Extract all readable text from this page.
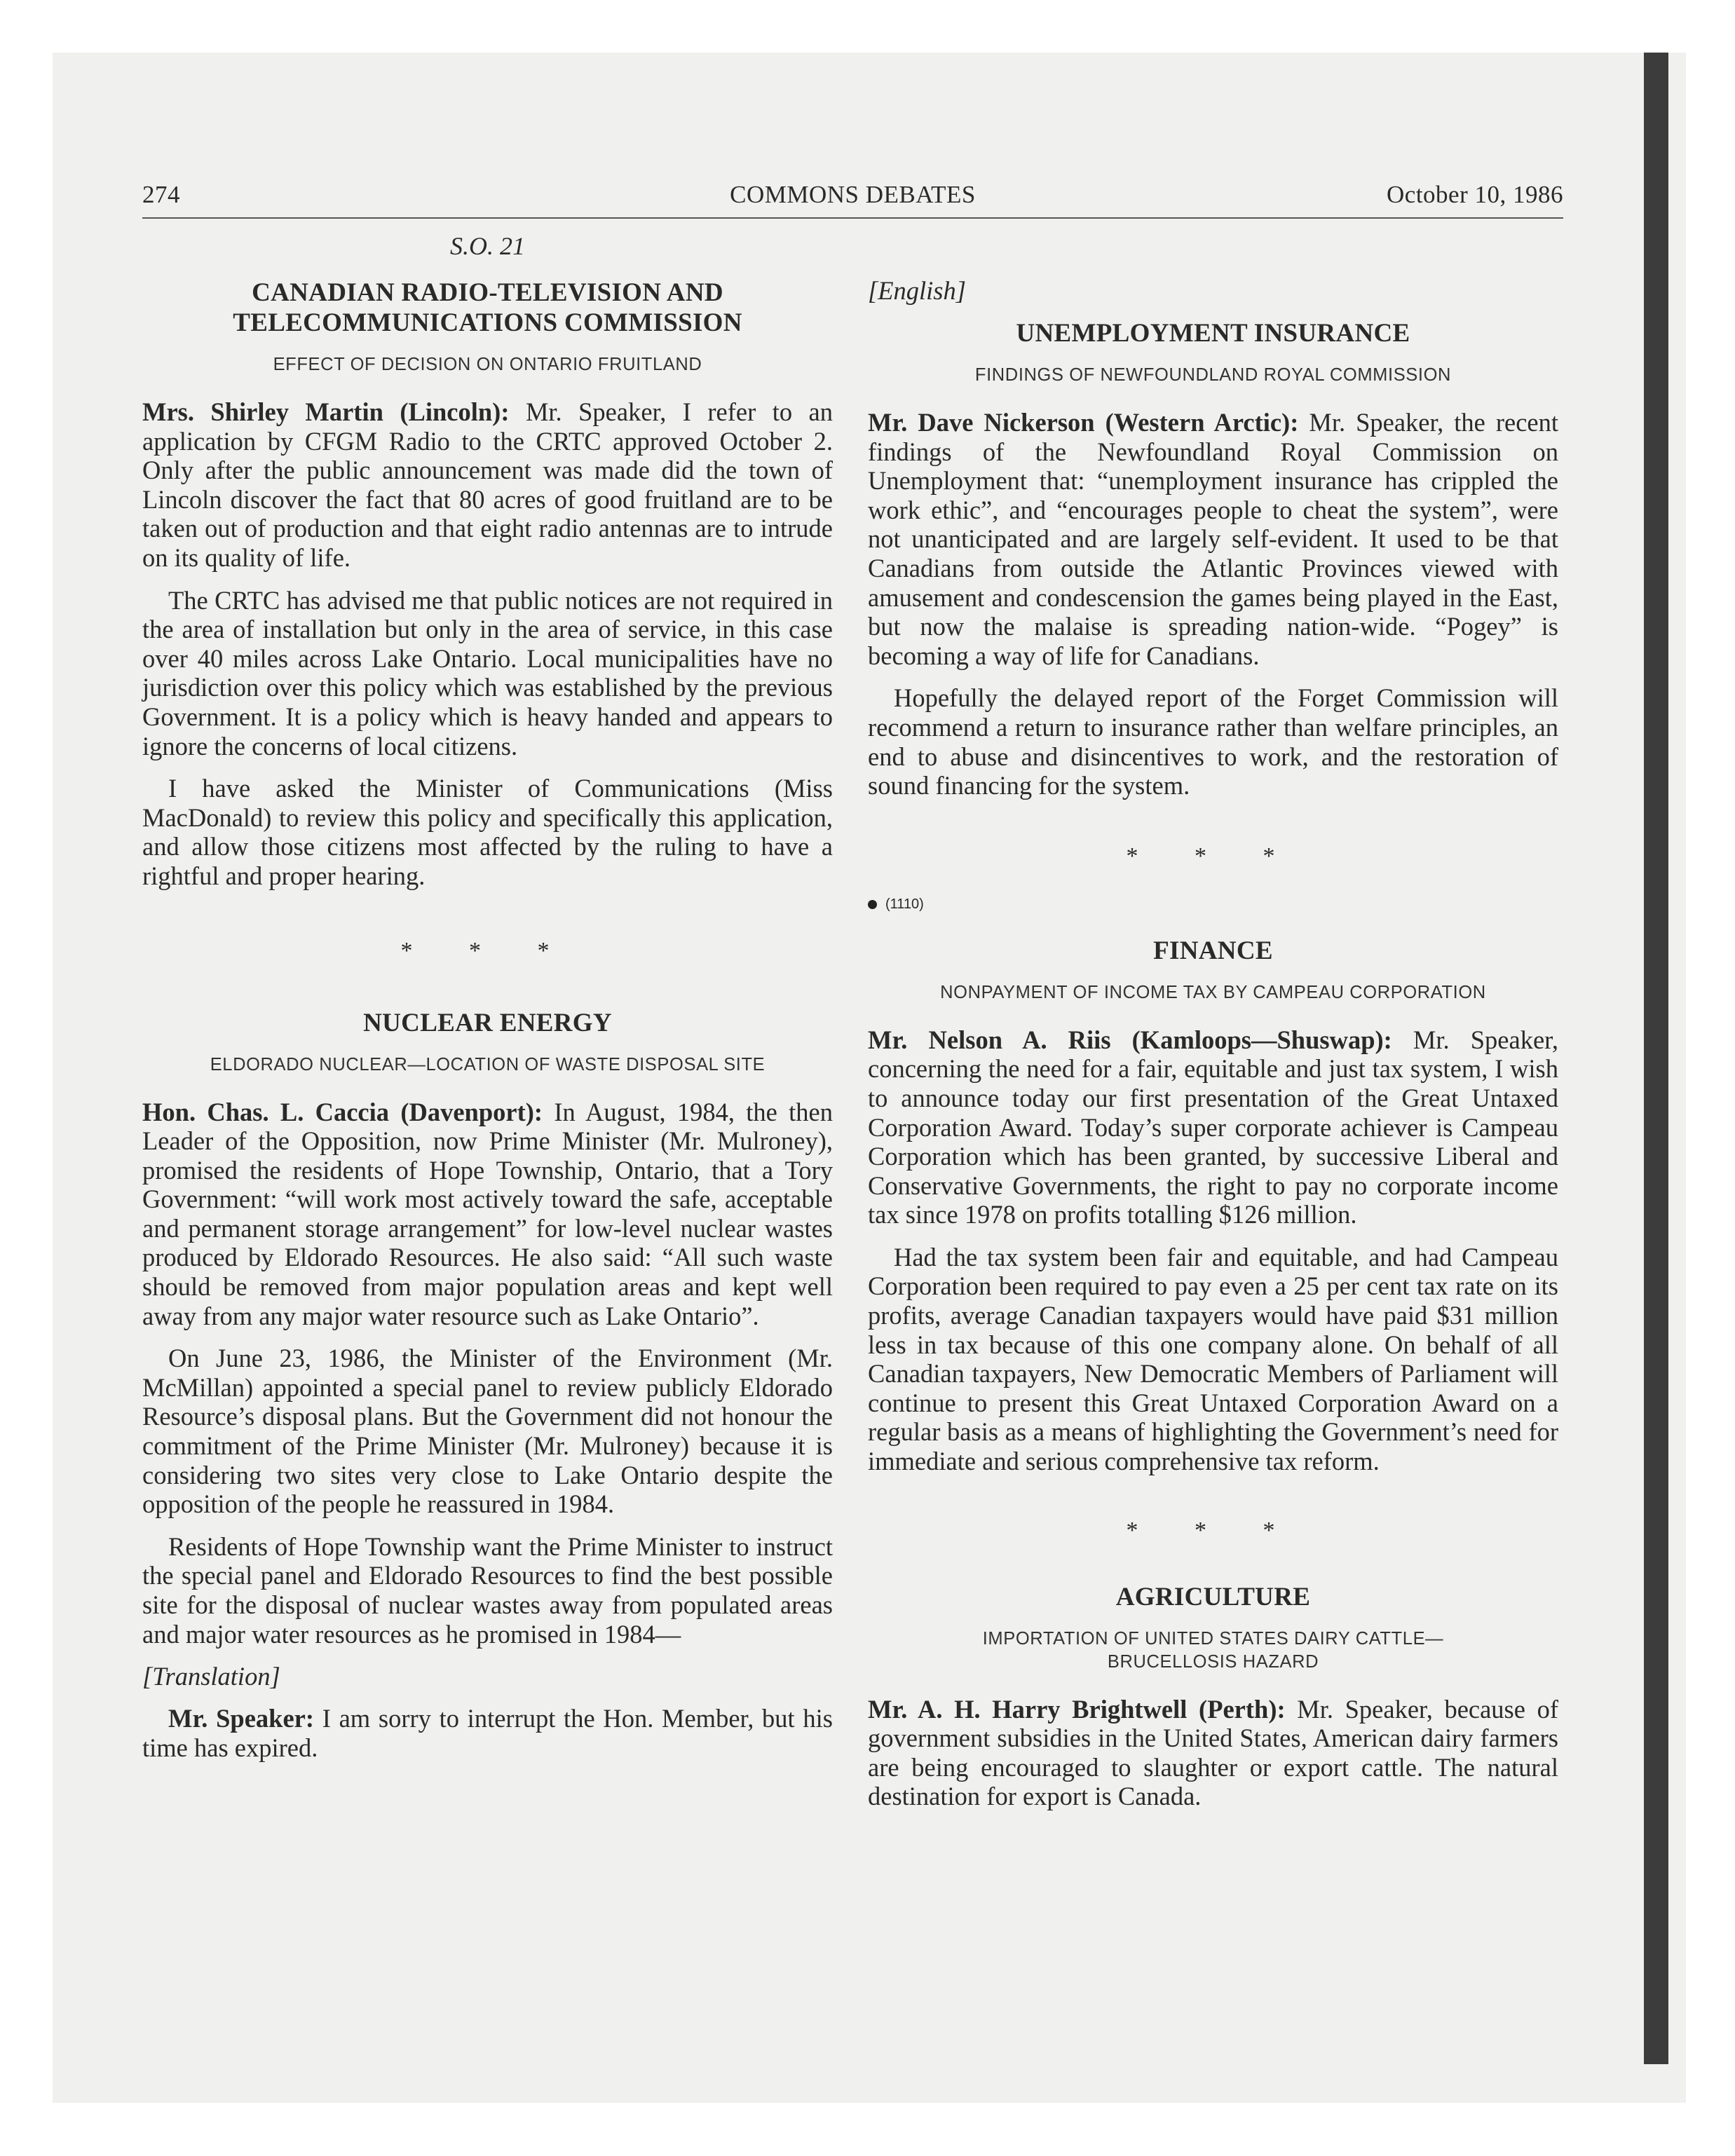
274	COMMONS DEBATES	October 10, 1986
S.O. 21
CANADIAN RADIO-TELEVISION AND TELECOMMUNICATIONS COMMISSION
EFFECT OF DECISION ON ONTARIO FRUITLAND

Mrs. Shirley Martin (Lincoln): Mr. Speaker, I refer to an application by CFGM Radio to the CRTC approved October 2. Only after the public announcement was made did the town of Lincoln discover the fact that 80 acres of good fruitland are to be taken out of production and that eight radio antennas are to intrude on its quality of life.

The CRTC has advised me that public notices are not required in the area of installation but only in the area of service, in this case over 40 miles across Lake Ontario. Local municipalities have no jurisdiction over this policy which was established by the previous Government. It is a policy which is heavy handed and appears to ignore the concerns of local citizens.

I have asked the Minister of Communications (Miss MacDonald) to review this policy and specifically this application, and allow those citizens most affected by the ruling to have a rightful and proper hearing.

* * *

NUCLEAR ENERGY
ELDORADO NUCLEAR—LOCATION OF WASTE DISPOSAL SITE

Hon. Chas. L. Caccia (Davenport): In August, 1984, the then Leader of the Opposition, now Prime Minister (Mr. Mulroney), promised the residents of Hope Township, Ontario, that a Tory Government: “will work most actively toward the safe, acceptable and permanent storage arrangement” for low-level nuclear wastes produced by Eldorado Resources. He also said: “All such waste should be removed from major population areas and kept well away from any major water resource such as Lake Ontario”.

On June 23, 1986, the Minister of the Environment (Mr. McMillan) appointed a special panel to review publicly Eldorado Resource’s disposal plans. But the Government did not honour the commitment of the Prime Minister (Mr. Mulroney) because it is considering two sites very close to Lake Ontario despite the opposition of the people he reassured in 1984.

Residents of Hope Township want the Prime Minister to instruct the special panel and Eldorado Resources to find the best possible site for the disposal of nuclear wastes away from populated areas and major water resources as he promised in 1984—

[Translation]

Mr. Speaker: I am sorry to interrupt the Hon. Member, but his time has expired.

[English]
UNEMPLOYMENT INSURANCE
FINDINGS OF NEWFOUNDLAND ROYAL COMMISSION

Mr. Dave Nickerson (Western Arctic): Mr. Speaker, the recent findings of the Newfoundland Royal Commission on Unemployment that: “unemployment insurance has crippled the work ethic”, and “encourages people to cheat the system”, were not unanticipated and are largely self-evident. It used to be that Canadians from outside the Atlantic Provinces viewed with amusement and condescension the games being played in the East, but now the malaise is spreading nation-wide. “Pogey” is becoming a way of life for Canadians.

Hopefully the delayed report of the Forget Commission will recommend a return to insurance rather than welfare principles, an end to abuse and disincentives to work, and the restoration of sound financing for the system.

* * *

(1110)

FINANCE
NONPAYMENT OF INCOME TAX BY CAMPEAU CORPORATION

Mr. Nelson A. Riis (Kamloops—Shuswap): Mr. Speaker, concerning the need for a fair, equitable and just tax system, I wish to announce today our first presentation of the Great Untaxed Corporation Award. Today’s super corporate achiever is Campeau Corporation which has been granted, by successive Liberal and Conservative Governments, the right to pay no corporate income tax since 1978 on profits totalling $126 million.

Had the tax system been fair and equitable, and had Campeau Corporation been required to pay even a 25 per cent tax rate on its profits, average Canadian taxpayers would have paid $31 million less in tax because of this one company alone. On behalf of all Canadian taxpayers, New Democratic Members of Parliament will continue to present this Great Untaxed Corporation Award on a regular basis as a means of highlighting the Government’s need for immediate and serious comprehensive tax reform.

* * *

AGRICULTURE
IMPORTATION OF UNITED STATES DAIRY CATTLE— BRUCELLOSIS HAZARD

Mr. A. H. Harry Brightwell (Perth): Mr. Speaker, because of government subsidies in the United States, American dairy farmers are being encouraged to slaughter or export cattle. The natural destination for export is Canada.
